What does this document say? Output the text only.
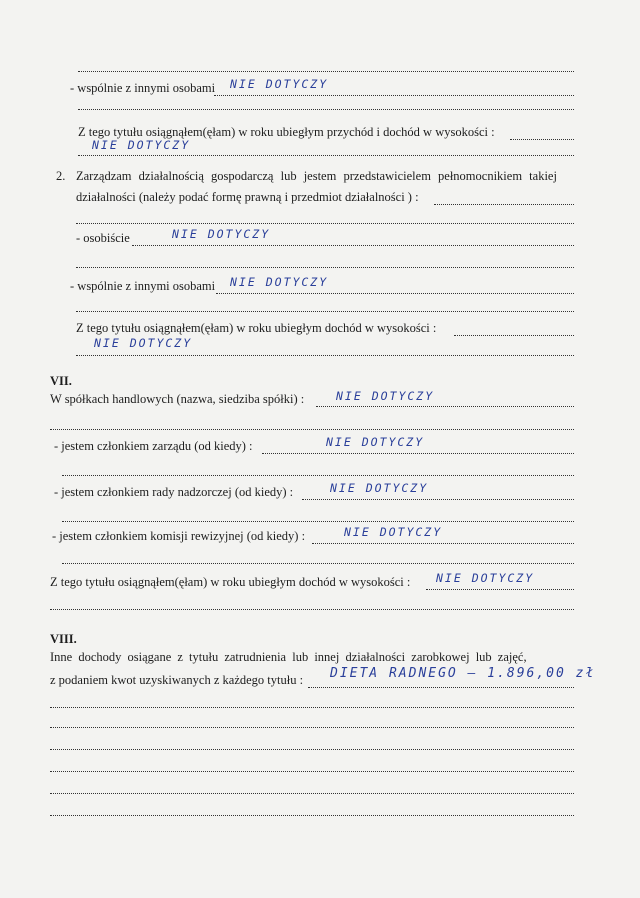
- wspólnie z innymi osobami NIE DOTYCZY
Z tego tytułu osiągnąłem(ęłam) w roku ubiegłym przychód i dochód w wysokości :
NIE DOTYCZY
2. Zarządzam działalnością gospodarczą lub jestem przedstawicielem pełnomocnikiem takiej
działalności (należy podać formę prawną i przedmiot działalności ) :
- osobiście	NIE DOTYCZY
- wspólnie z innymi osobami NIE DOTYCZY
Z tego tytułu osiągnąłem(ęłam) w roku ubiegłym dochód w wysokości :
NIE DOTYCZY
VII.
W spółkach handlowych (nazwa, siedziba spółki) :	NIE DOTYCZY
- jestem członkiem zarządu (od kiedy) :	NIE DOTYCZY
- jestem członkiem rady nadzorczej (od kiedy) :	NIE DOTYCZY
- jestem członkiem komisji rewizyjnej (od kiedy) :	NIE DOTYCZY
Z tego tytułu osiągnąłem(ęłam) w roku ubiegłym dochód w wysokości : NIE DOTYCZY
VIII.
Inne dochody osiągane z tytułu zatrudnienia lub innej działalności zarobkowej lub zajęć,
z podaniem kwot uzyskiwanych z każdego tytułu : DIETA RADNEGO — 1.896,00 zł
